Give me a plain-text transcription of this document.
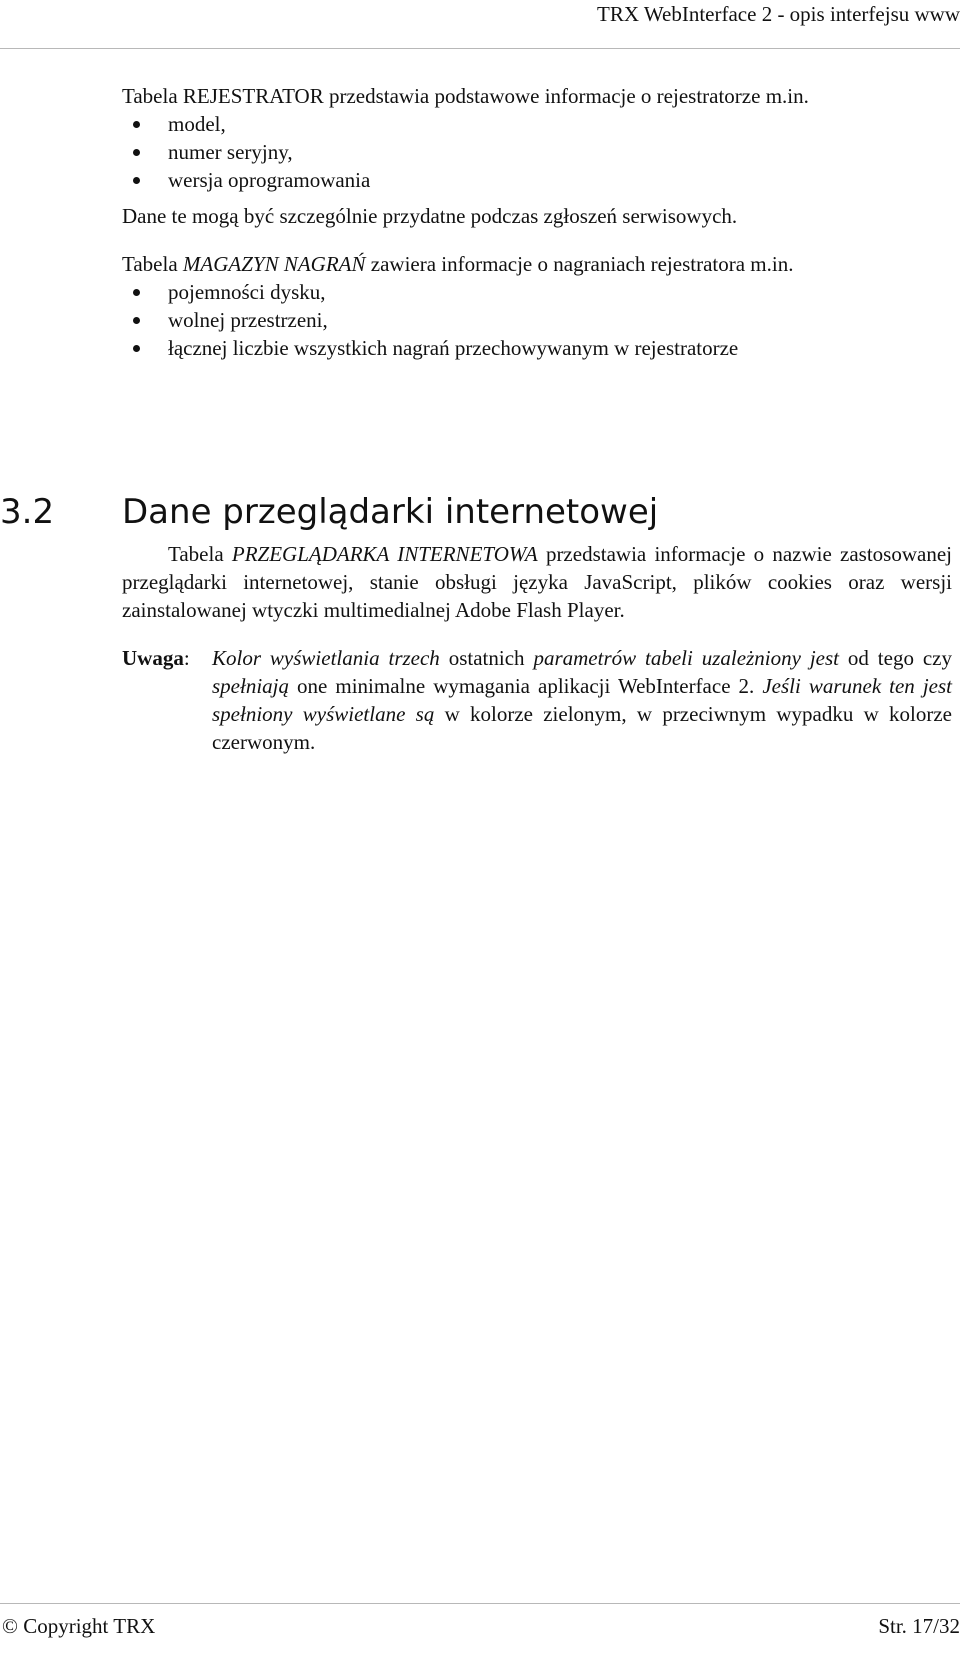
TRX WebInterface 2 - opis interfejsu www

Tabela REJESTRATOR przedstawia podstawowe informacje o rejestratorze m.in.

model,
numer seryjny,
wersja oprogramowania

Dane te mogą być szczególnie przydatne podczas zgłoszeń serwisowych.

Tabela MAGAZYN NAGRAŃ zawiera informacje o nagraniach rejestratora m.in.

pojemności dysku,
wolnej przestrzeni,
łącznej liczbie wszystkich nagrań przechowywanym w rejestratorze
3.2 Dane przeglądarki internetowej

Tabela PRZEGLĄDARKA INTERNETOWA przedstawia informacje o nazwie zastosowanej przeglądarki internetowej, stanie obsługi języka JavaScript, plików cookies oraz wersji zainstalowanej wtyczki multimedialnej Adobe Flash Player.

Uwaga: Kolor wyświetlania trzech ostatnich parametrów tabeli uzależniony jest od tego czy spełniają one minimalne wymagania aplikacji WebInterface 2. Jeśli warunek ten jest spełniony wyświetlane są w kolorze zielonym, w przeciwnym wypadku w kolorze czerwonym.

© Copyright TRX	Str. 17/32
